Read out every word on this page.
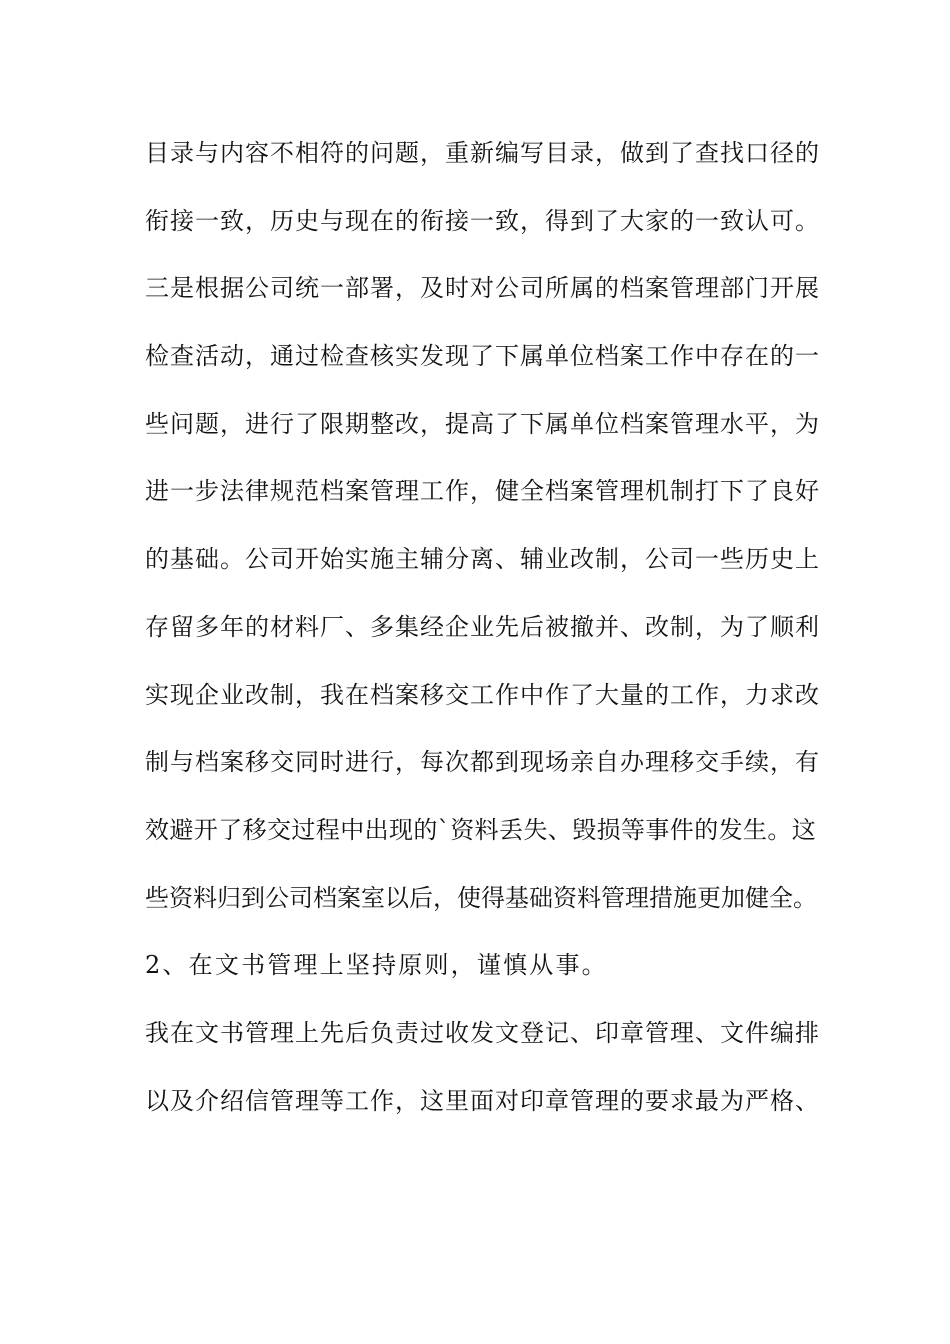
目录与内容不相符的问题，重新编写目录，做到了查找口径的

衔接一致，历史与现在的衔接一致，得到了大家的一致认可。

三是根据公司统一部署，及时对公司所属的档案管理部门开展

检查活动，通过检查核实发现了下属单位档案工作中存在的一

些问题，进行了限期整改，提高了下属单位档案管理水平，为

进一步法律规范档案管理工作，健全档案管理机制打下了良好

的基础。公司开始实施主辅分离、辅业改制，公司一些历史上

存留多年的材料厂、多集经企业先后被撤并、改制，为了顺利

实现企业改制，我在档案移交工作中作了大量的工作，力求改

制与档案移交同时进行，每次都到现场亲自办理移交手续，有

效避开了移交过程中出现的`资料丢失、毁损等事件的发生。这

些资料归到公司档案室以后，使得基础资料管理措施更加健全。

2、在文书管理上坚持原则，谨慎从事。

我在文书管理上先后负责过收发文登记、印章管理、文件编排

以及介绍信管理等工作，这里面对印章管理的要求最为严格、
